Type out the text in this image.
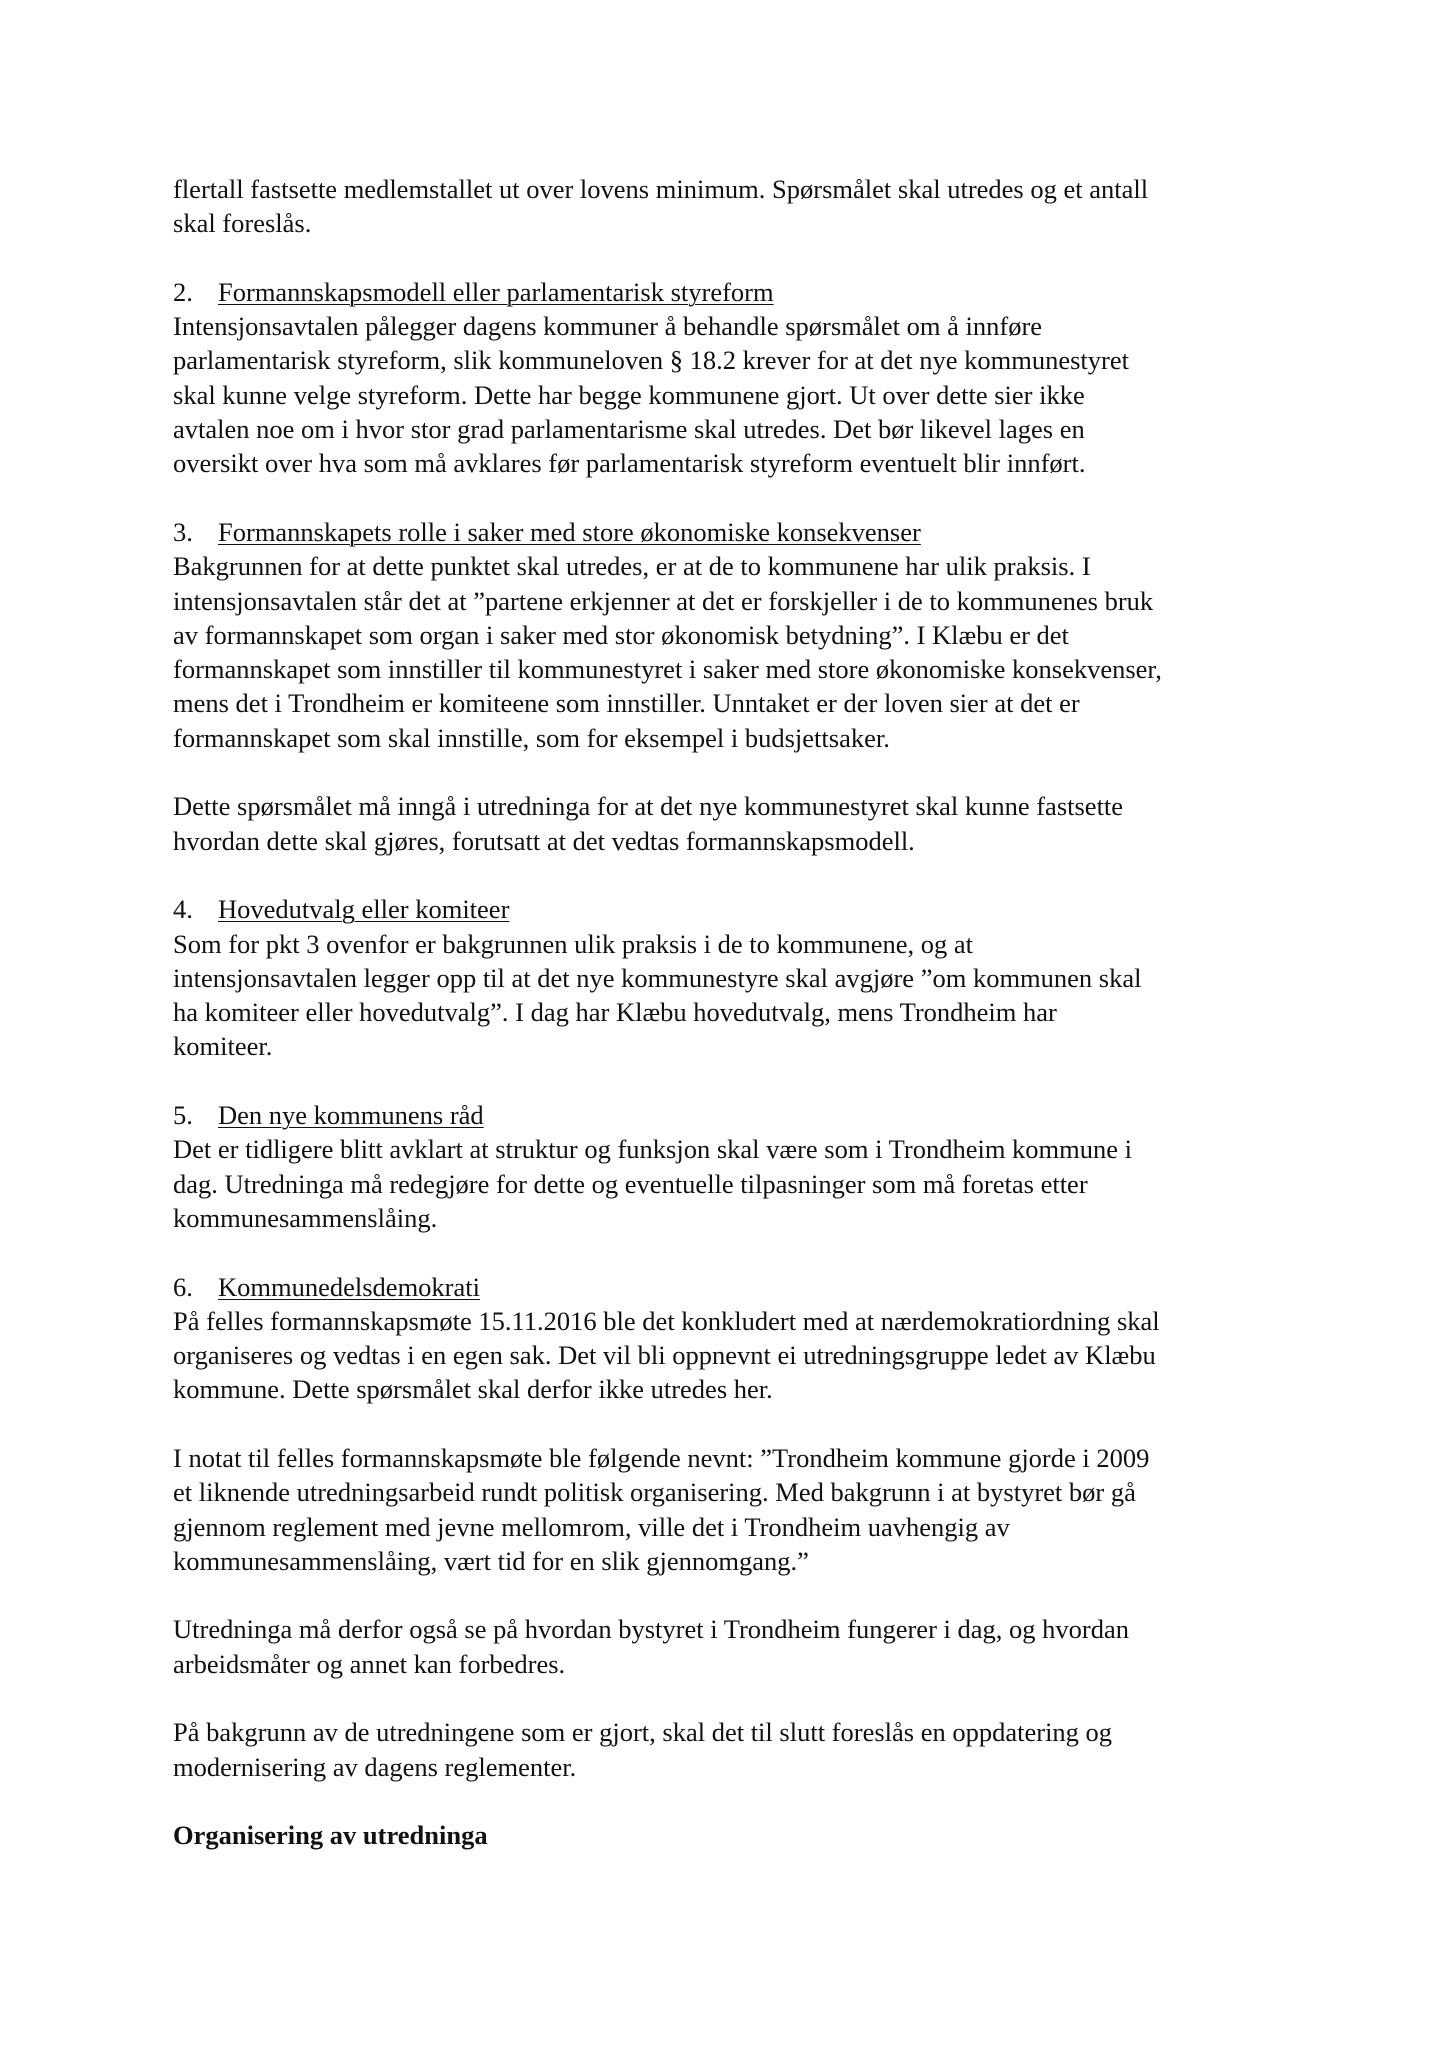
flertall fastsette medlemstallet ut over lovens minimum. Spørsmålet skal utredes og et antall
skal foreslås.

2. Formannskapsmodell eller parlamentarisk styreform
Intensjonsavtalen pålegger dagens kommuner å behandle spørsmålet om å innføre
parlamentarisk styreform, slik kommuneloven § 18.2 krever for at det nye kommunestyret
skal kunne velge styreform. Dette har begge kommunene gjort. Ut over dette sier ikke
avtalen noe om i hvor stor grad parlamentarisme skal utredes. Det bør likevel lages en
oversikt over hva som må avklares før parlamentarisk styreform eventuelt blir innført.
3. Formannskapets rolle i saker med store økonomiske konsekvenser
Bakgrunnen for at dette punktet skal utredes, er at de to kommunene har ulik praksis. I
intensjonsavtalen står det at ”partene erkjenner at det er forskjeller i de to kommunenes bruk
av formannskapet som organ i saker med stor økonomisk betydning”. I Klæbu er det
formannskapet som innstiller til kommunestyret i saker med store økonomiske konsekvenser,
mens det i Trondheim er komiteene som innstiller. Unntaket er der loven sier at det er
formannskapet som skal innstille, som for eksempel i budsjettsaker.

Dette spørsmålet må inngå i utredninga for at det nye kommunestyret skal kunne fastsette
hvordan dette skal gjøres, forutsatt at det vedtas formannskapsmodell.

4. Hovedutvalg eller komiteer
Som for pkt 3 ovenfor er bakgrunnen ulik praksis i de to kommunene, og at
intensjonsavtalen legger opp til at det nye kommunestyre skal avgjøre ”om kommunen skal
ha komiteer eller hovedutvalg”. I dag har Klæbu hovedutvalg, mens Trondheim har
komiteer.
5. Den nye kommunens råd
Det er tidligere blitt avklart at struktur og funksjon skal være som i Trondheim kommune i
dag. Utredninga må redegjøre for dette og eventuelle tilpasninger som må foretas etter
kommunesammenslåing.
6. Kommunedelsdemokrati
På felles formannskapsmøte 15.11.2016 ble det konkludert med at nærdemokratiordning skal
organiseres og vedtas i en egen sak. Det vil bli oppnevnt ei utredningsgruppe ledet av Klæbu
kommune. Dette spørsmålet skal derfor ikke utredes her.

I notat til felles formannskapsmøte ble følgende nevnt: ”Trondheim kommune gjorde i 2009
et liknende utredningsarbeid rundt politisk organisering. Med bakgrunn i at bystyret bør gå
gjennom reglement med jevne mellomrom, ville det i Trondheim uavhengig av
kommunesammenslåing, vært tid for en slik gjennomgang.”

Utredninga må derfor også se på hvordan bystyret i Trondheim fungerer i dag, og hvordan
arbeidsmåter og annet kan forbedres.

På bakgrunn av de utredningene som er gjort, skal det til slutt foreslås en oppdatering og
modernisering av dagens reglementer.

Organisering av utredninga
